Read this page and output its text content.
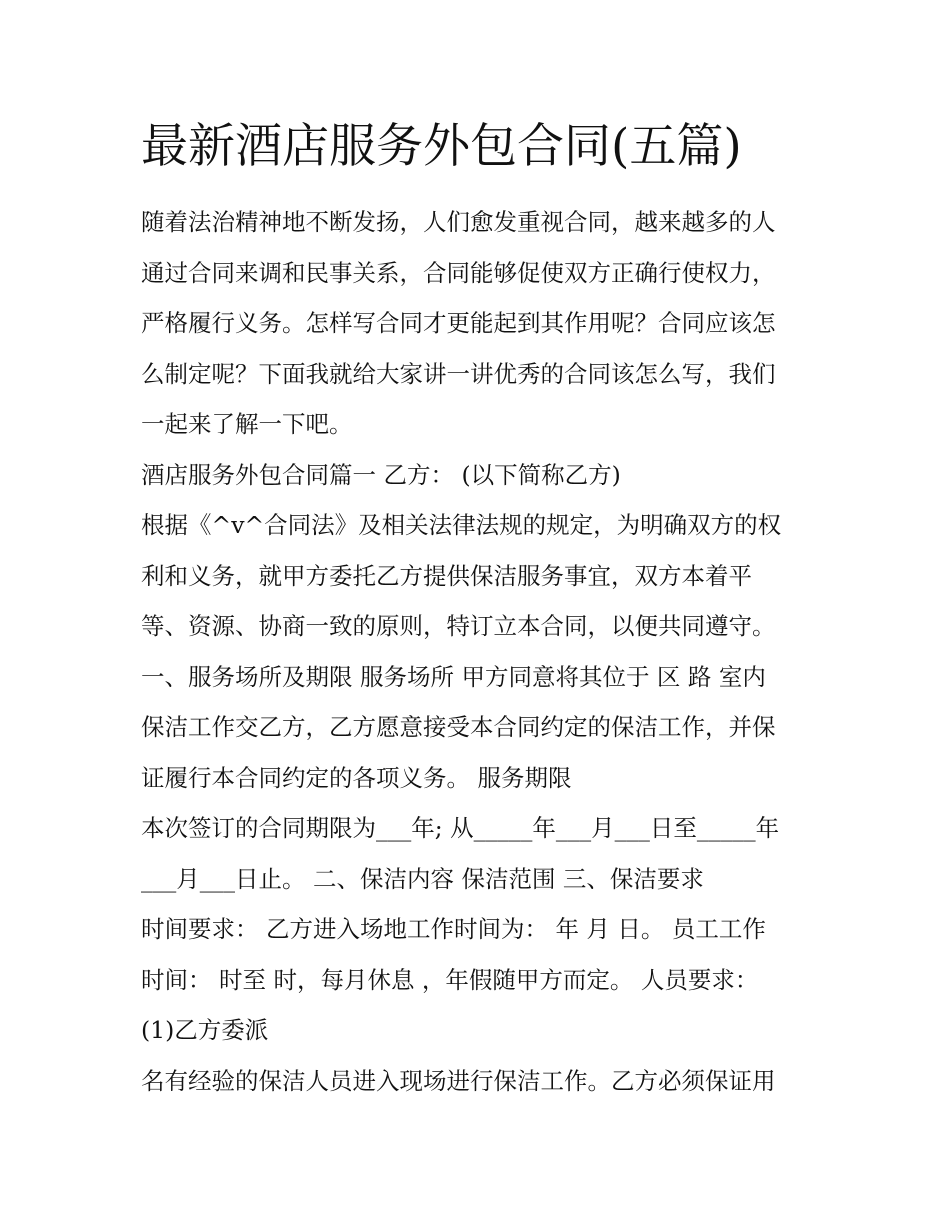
最新酒店服务外包合同(五篇)

随着法治精神地不断发扬，人们愈发重视合同，越来越多的人

通过合同来调和民事关系，合同能够促使双方正确行使权力，

严格履行义务。怎样写合同才更能起到其作用呢？合同应该怎

么制定呢？下面我就给大家讲一讲优秀的合同该怎么写，我们

一起来了解一下吧。

酒店服务外包合同篇一 乙方： (以下简称乙方)

根据《^v^合同法》及相关法律法规的规定，为明确双方的权

利和义务，就甲方委托乙方提供保洁服务事宜，双方本着平

等、资源、协商一致的原则，特订立本合同，以便共同遵守。

一、服务场所及期限 服务场所 甲方同意将其位于 区 路 室内

保洁工作交乙方，乙方愿意接受本合同约定的保洁工作，并保

证履行本合同约定的各项义务。 服务期限

本次签订的合同期限为___年; 从_____年___月___日至_____年

___月___日止。 二、保洁内容 保洁范围 三、保洁要求

时间要求： 乙方进入场地工作时间为： 年 月 日。 员工工作

时间： 时至 时，每月休息 ，年假随甲方而定。 人员要求：

(1)乙方委派

名有经验的保洁人员进入现场进行保洁工作。乙方必须保证用
